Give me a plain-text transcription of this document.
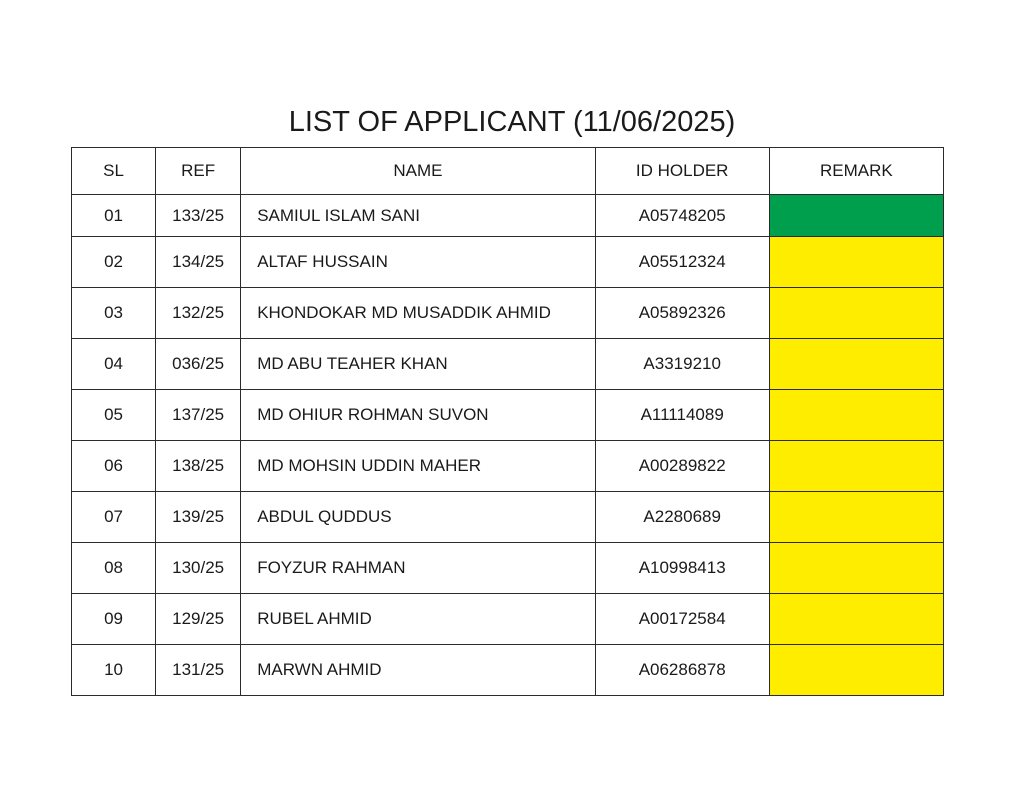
LIST OF APPLICANT (11/06/2025)
SL	REF	NAME	ID HOLDER	REMARK
01	133/25	SAMIUL ISLAM SANI	A05748205	
02	134/25	ALTAF HUSSAIN	A05512324	
03	132/25	KHONDOKAR MD MUSADDIK AHMID	A05892326	
04	036/25	MD ABU TEAHER KHAN	A3319210	
05	137/25	MD OHIUR ROHMAN SUVON	A11114089	
06	138/25	MD MOHSIN UDDIN MAHER	A00289822	
07	139/25	ABDUL QUDDUS	A2280689	
08	130/25	FOYZUR RAHMAN	A10998413	
09	129/25	RUBEL AHMID	A00172584	
10	131/25	MARWN AHMID	A06286878	
